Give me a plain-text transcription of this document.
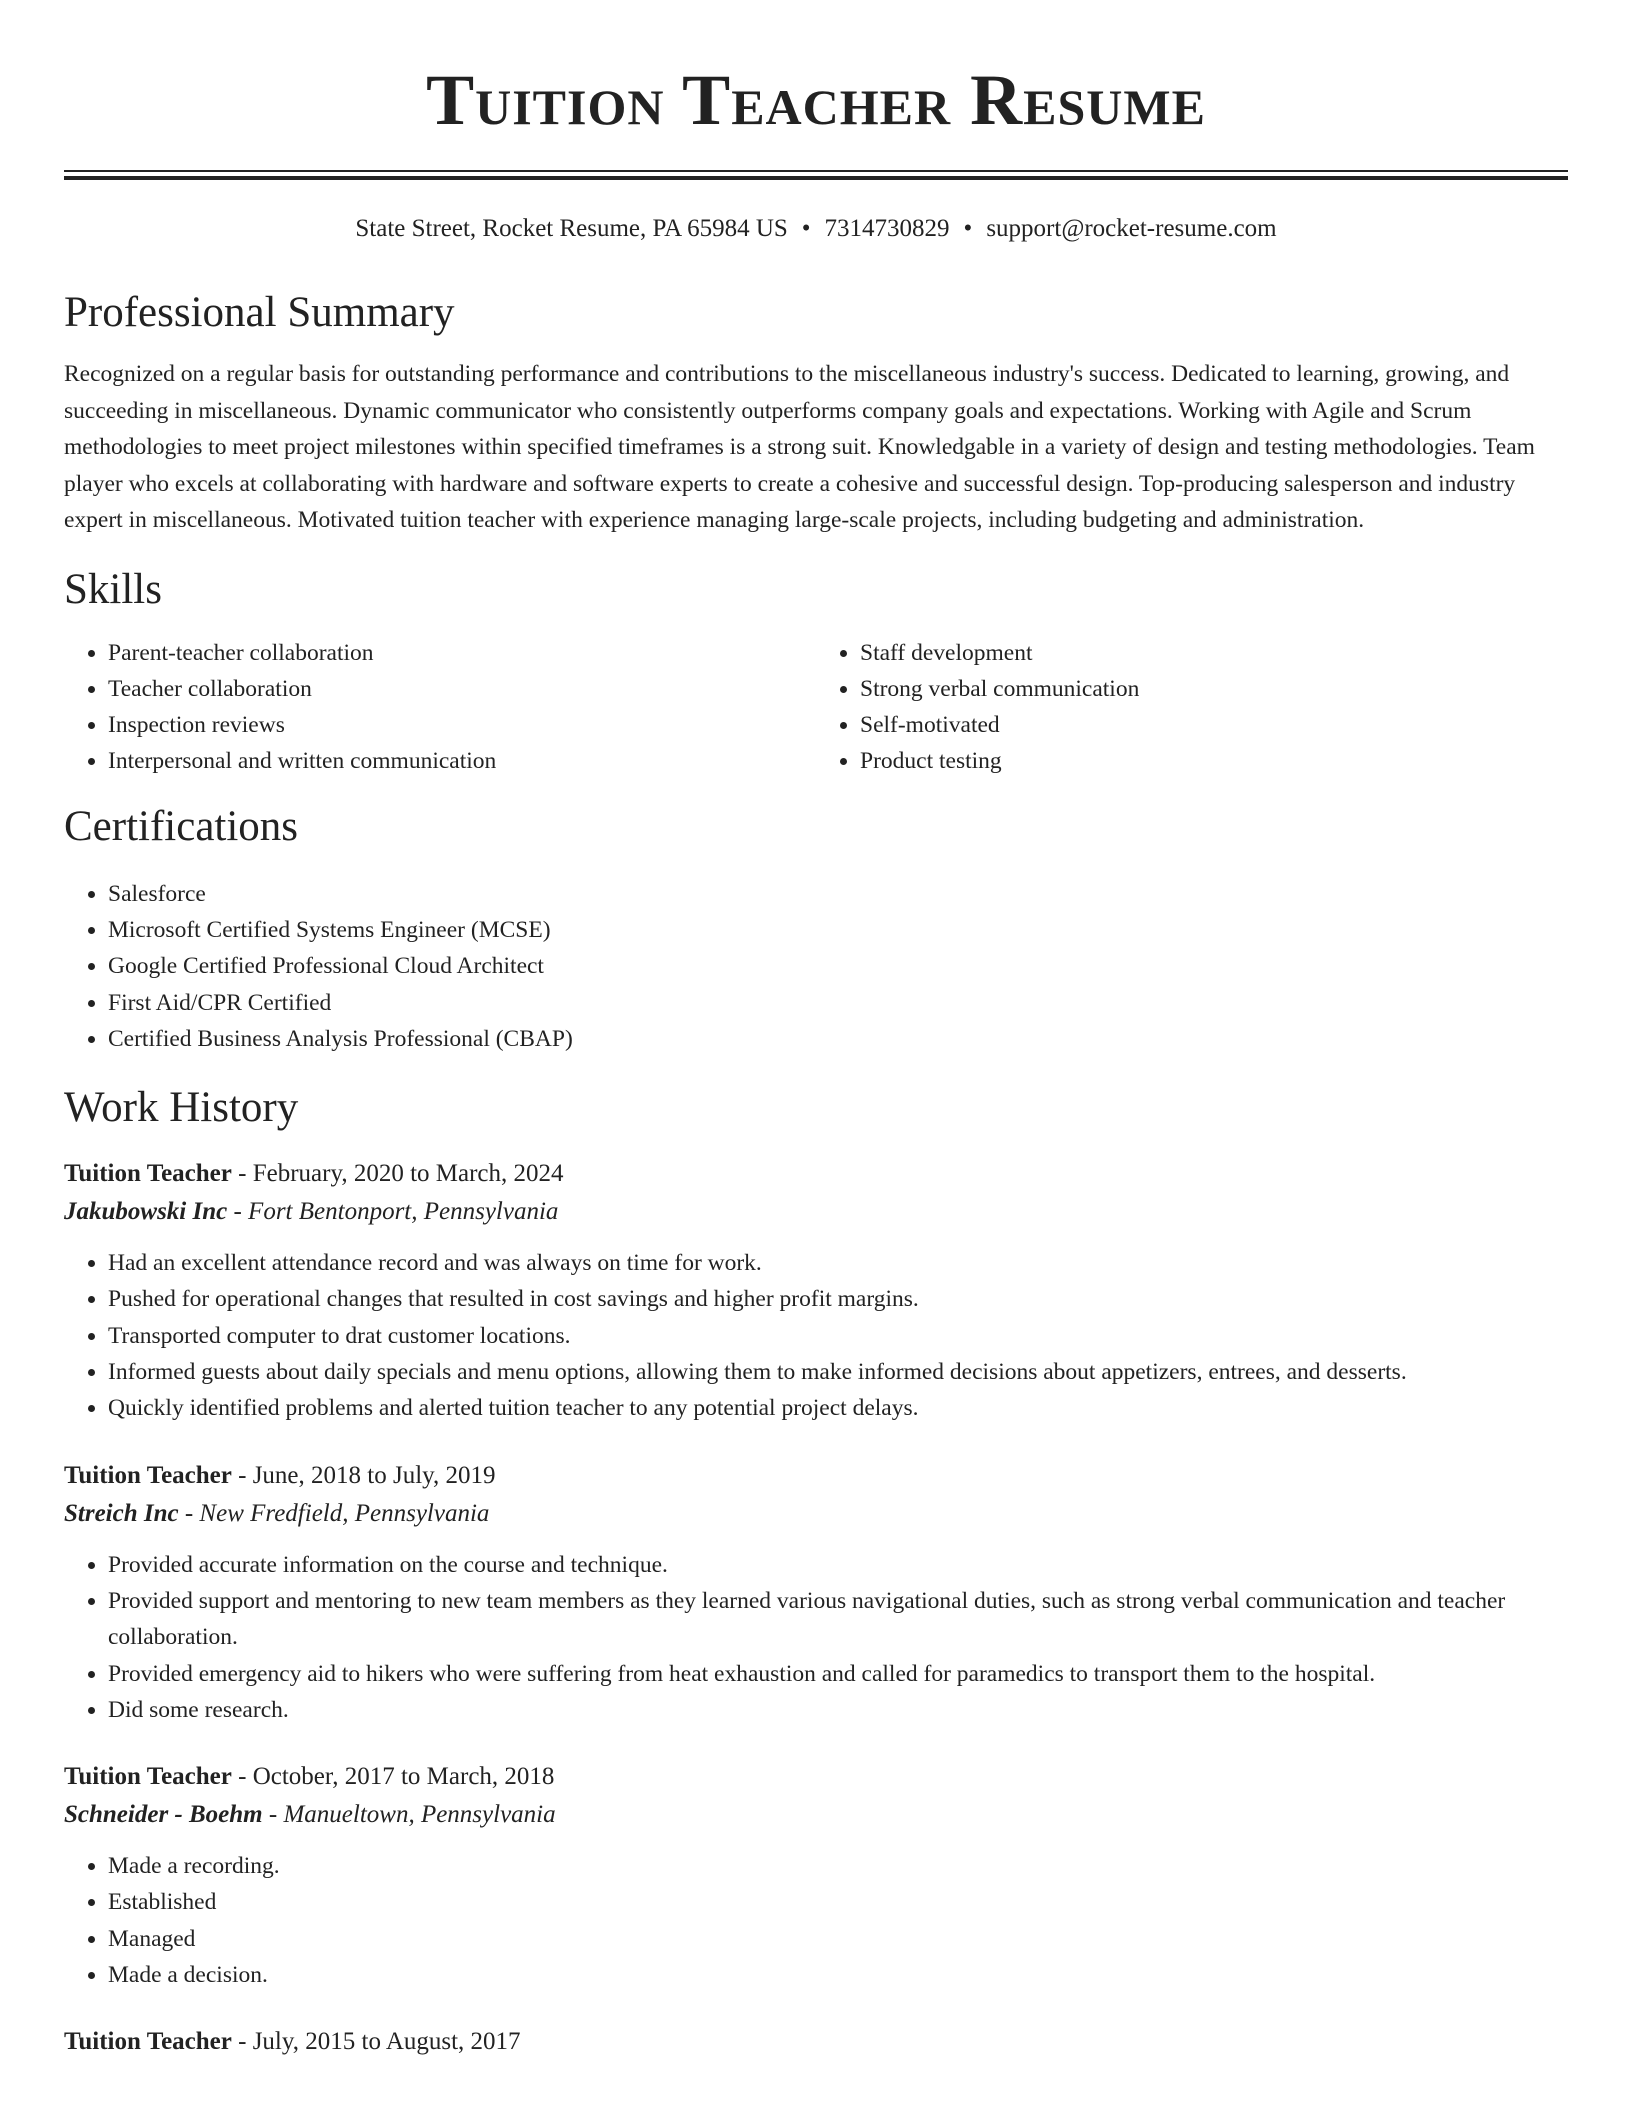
Tuition Teacher Resume
State Street, Rocket Resume, PA 65984 US • 7314730829 • support@rocket-resume.com
Professional Summary

Recognized on a regular basis for outstanding performance and contributions to the miscellaneous industry's success. Dedicated to learning, growing, and succeeding in miscellaneous. Dynamic communicator who consistently outperforms company goals and expectations. Working with Agile and Scrum methodologies to meet project milestones within specified timeframes is a strong suit. Knowledgable in a variety of design and testing methodologies. Team player who excels at collaborating with hardware and software experts to create a cohesive and successful design. Top-producing salesperson and industry expert in miscellaneous. Motivated tuition teacher with experience managing large-scale projects, including budgeting and administration.

Skills
• Parent-teacher collaboration
• Teacher collaboration
• Inspection reviews
• Interpersonal and written communication
• Staff development
• Strong verbal communication
• Self-motivated
• Product testing
Certifications
• Salesforce
• Microsoft Certified Systems Engineer (MCSE)
• Google Certified Professional Cloud Architect
• First Aid/CPR Certified
• Certified Business Analysis Professional (CBAP)
Work History
Tuition Teacher - February, 2020 to March, 2024
Jakubowski Inc - Fort Bentonport, Pennsylvania
• Had an excellent attendance record and was always on time for work.
• Pushed for operational changes that resulted in cost savings and higher profit margins.
• Transported computer to drat customer locations.
• Informed guests about daily specials and menu options, allowing them to make informed decisions about appetizers, entrees, and desserts.
• Quickly identified problems and alerted tuition teacher to any potential project delays.
Tuition Teacher - June, 2018 to July, 2019
Streich Inc - New Fredfield, Pennsylvania
• Provided accurate information on the course and technique.
• Provided support and mentoring to new team members as they learned various navigational duties, such as strong verbal communication and teacher collaboration.
• Provided emergency aid to hikers who were suffering from heat exhaustion and called for paramedics to transport them to the hospital.
• Did some research.
Tuition Teacher - October, 2017 to March, 2018
Schneider - Boehm - Manueltown, Pennsylvania
• Made a recording.
• Established
• Managed
• Made a decision.
Tuition Teacher - July, 2015 to August, 2017
